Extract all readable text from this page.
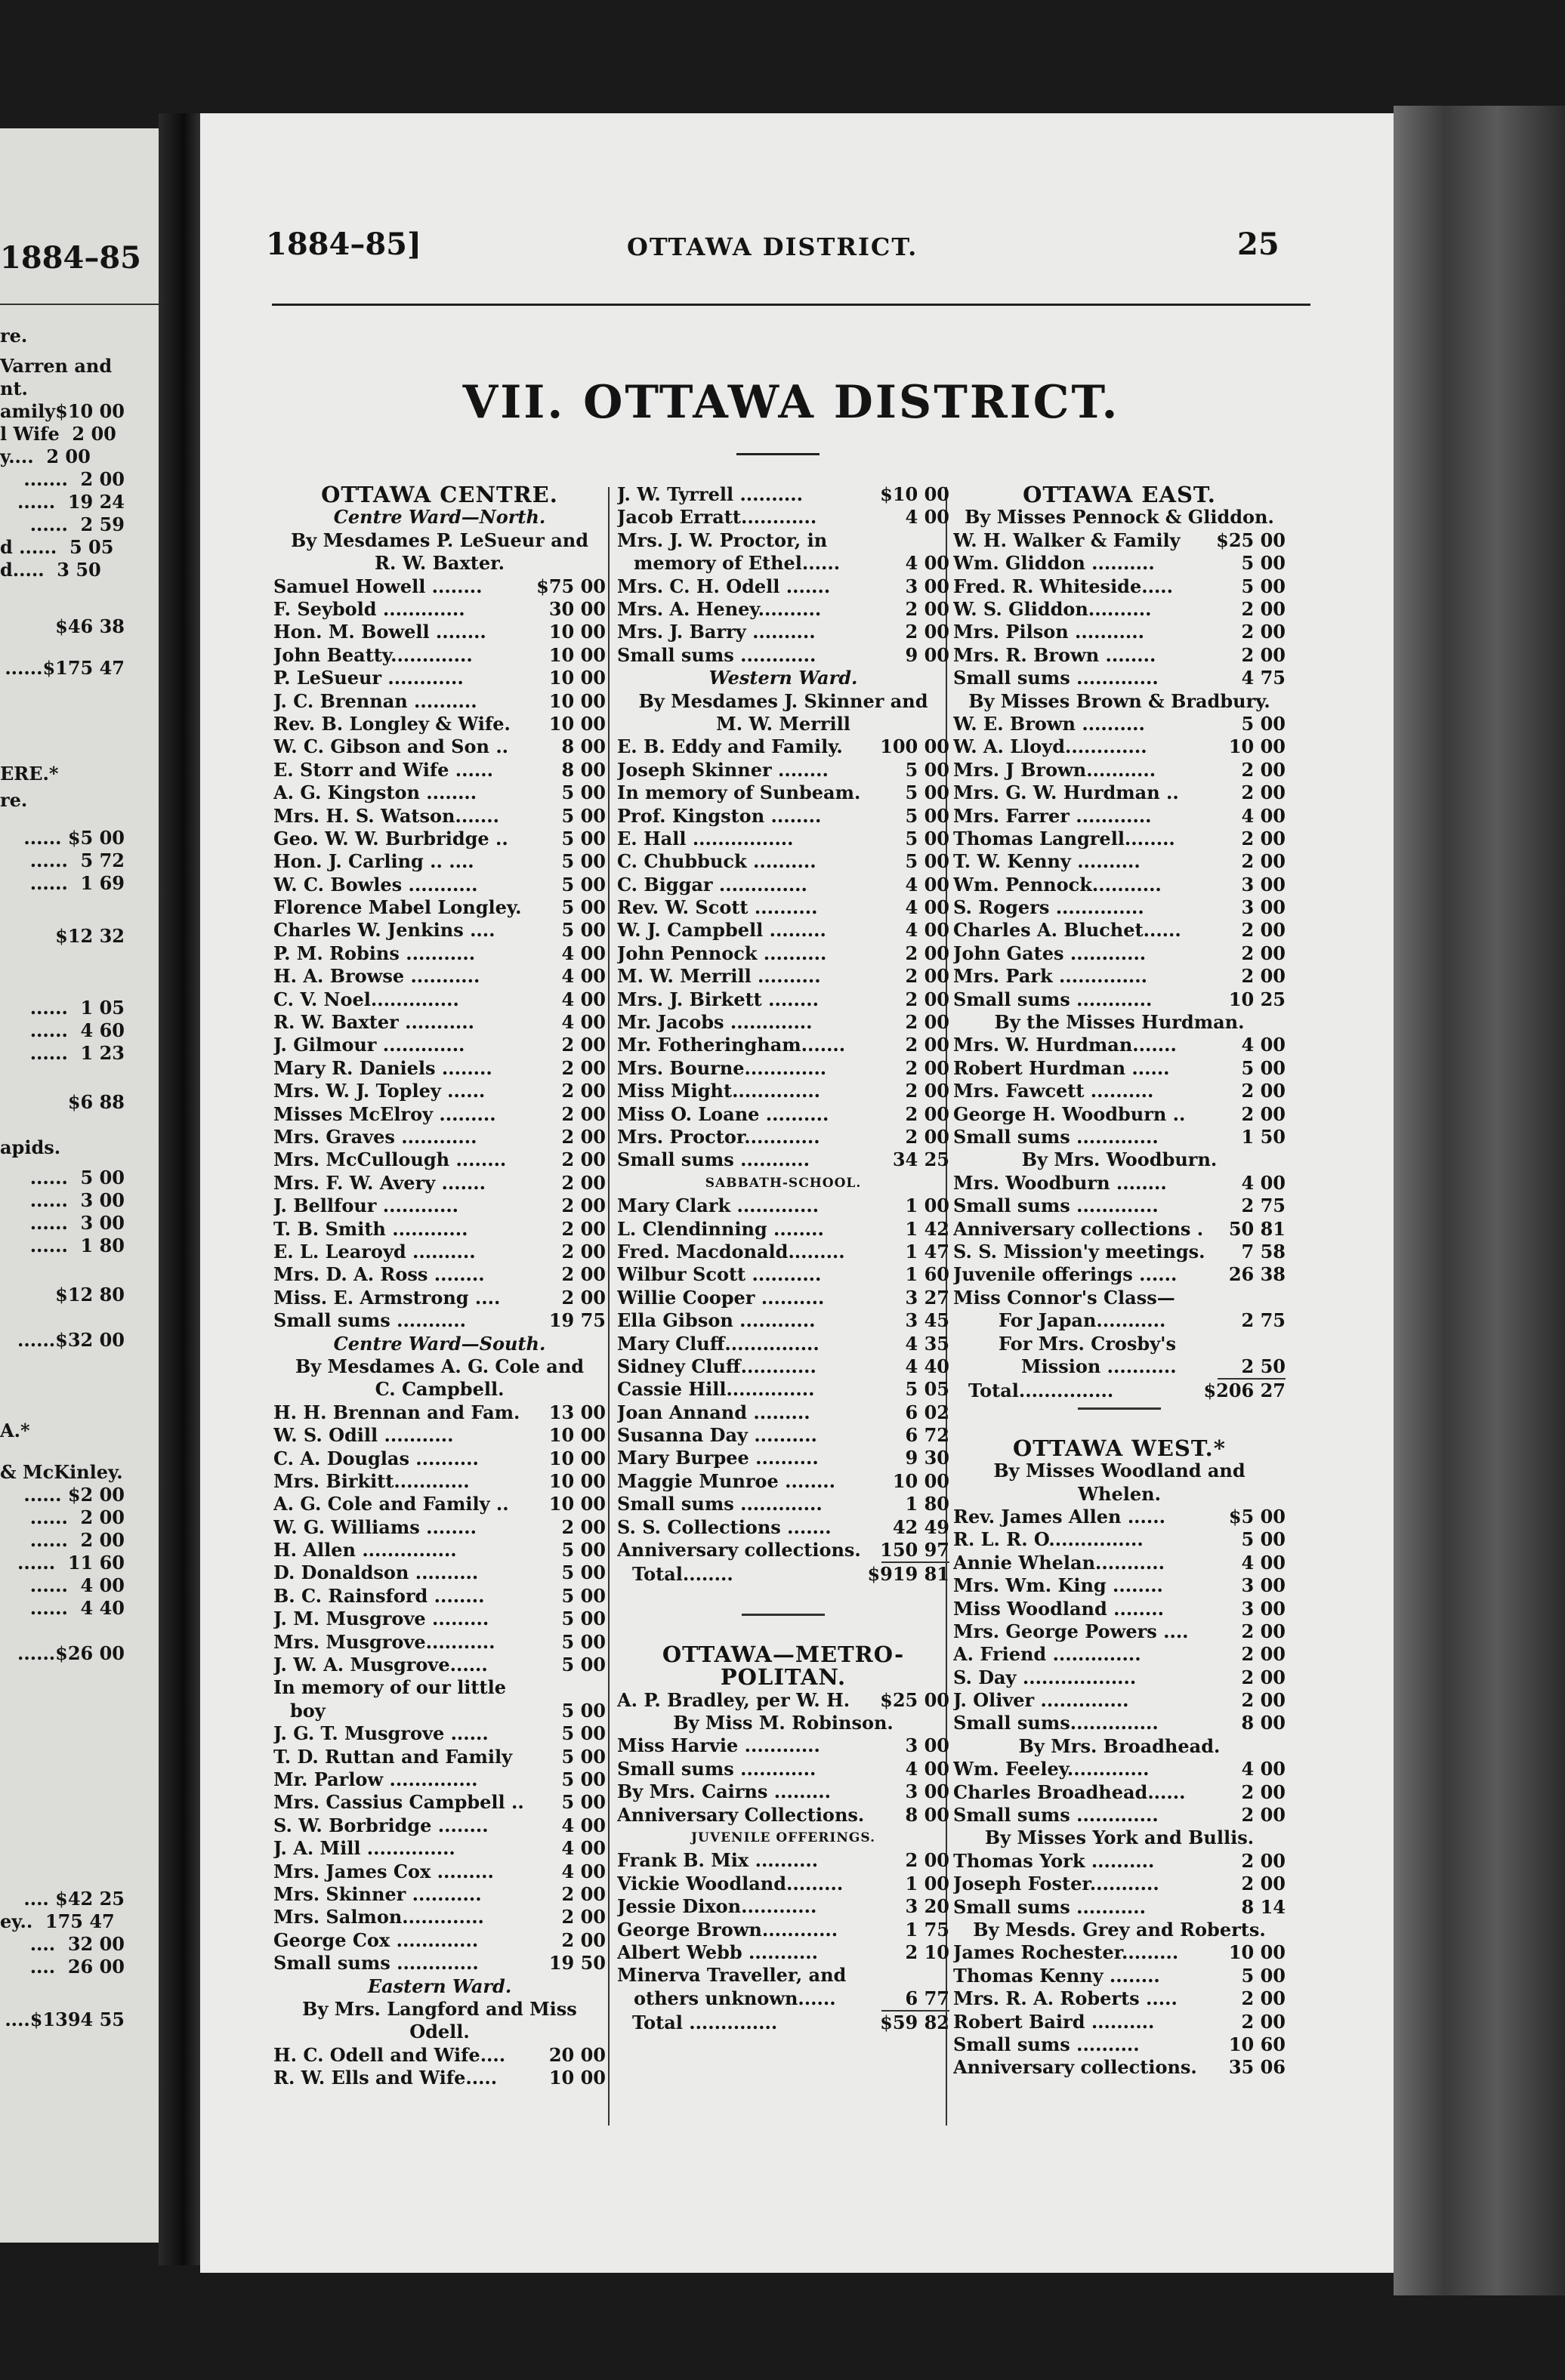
1884–85
re.
Varren and
nt.
amily$10 00
l Wife  2 00
y....  2 00
.......  2 00
......  19 24
......  2 59
d ......  5 05
d.....  3 50
$46 38
......$175 47
ERE.*
re.
...... $5 00
......  5 72
......  1 69
$12 32
......  1 05
......  4 60
......  1 23
$6 88
apids.
......  5 00
......  3 00
......  3 00
......  1 80
$12 80
......$32 00
A.*
& McKinley.
...... $2 00
......  2 00
......  2 00
......  11 60
......  4 00
......  4 40
......$26 00
.... $42 25
ey..  175 47
....  32 00
....  26 00
....$1394 55
1884–85]	OTTAWA DISTRICT.	25
VII. OTTAWA DISTRICT.
OTTAWA CENTRE.
Centre Ward—North.
By Mesdames P. LeSueur and
R. W. Baxter.
Samuel Howell ........	$75 00
F. Seybold .............	30 00
Hon. M. Bowell ........	10 00
John Beatty.............	10 00
P. LeSueur ............	10 00
J. C. Brennan ..........	10 00
Rev. B. Longley & Wife.	10 00
W. C. Gibson and Son ..	8 00
E. Storr and Wife ......	8 00
A. G. Kingston ........	5 00
Mrs. H. S. Watson.......	5 00
Geo. W. W. Burbridge ..	5 00
Hon. J. Carling .. ....	5 00
W. C. Bowles ...........	5 00
Florence Mabel Longley.	5 00
Charles W. Jenkins ....	5 00
P. M. Robins ...........	4 00
H. A. Browse ...........	4 00
C. V. Noel..............	4 00
R. W. Baxter ...........	4 00
J. Gilmour .............	2 00
Mary R. Daniels ........	2 00
Mrs. W. J. Topley ......	2 00
Misses McElroy .........	2 00
Mrs. Graves ............	2 00
Mrs. McCullough ........	2 00
Mrs. F. W. Avery .......	2 00
J. Bellfour ............	2 00
T. B. Smith ............	2 00
E. L. Learoyd ..........	2 00
Mrs. D. A. Ross ........	2 00
Miss. E. Armstrong ....	2 00
Small sums ...........	19 75
Centre Ward—South.
By Mesdames A. G. Cole and
C. Campbell.
H. H. Brennan and Fam.	13 00
W. S. Odill ...........	10 00
C. A. Douglas ..........	10 00
Mrs. Birkitt............	10 00
A. G. Cole and Family ..	10 00
W. G. Williams ........	2 00
H. Allen ...............	5 00
D. Donaldson ..........	5 00
B. C. Rainsford ........	5 00
J. M. Musgrove .........	5 00
Mrs. Musgrove...........	5 00
J. W. A. Musgrove......	5 00
In memory of our little
boy	5 00
J. G. T. Musgrove ......	5 00
T. D. Ruttan and Family	5 00
Mr. Parlow ..............	5 00
Mrs. Cassius Campbell ..	5 00
S. W. Borbridge ........	4 00
J. A. Mill ..............	4 00
Mrs. James Cox .........	4 00
Mrs. Skinner ...........	2 00
Mrs. Salmon.............	2 00
George Cox .............	2 00
Small sums .............	19 50
Eastern Ward.
By Mrs. Langford and Miss
Odell.
H. C. Odell and Wife....	20 00
R. W. Ells and Wife.....	10 00
J. W. Tyrrell ..........	$10 00
Jacob Erratt............	4 00
Mrs. J. W. Proctor, in
memory of Ethel......	4 00
Mrs. C. H. Odell .......	3 00
Mrs. A. Heney..........	2 00
Mrs. J. Barry ..........	2 00
Small sums ............	9 00
Western Ward.
By Mesdames J. Skinner and
M. W. Merrill
E. B. Eddy and Family.	100 00
Joseph Skinner ........	5 00
In memory of Sunbeam.	5 00
Prof. Kingston ........	5 00
E. Hall ................	5 00
C. Chubbuck ..........	5 00
C. Biggar ..............	4 00
Rev. W. Scott ..........	4 00
W. J. Campbell .........	4 00
John Pennock ..........	2 00
M. W. Merrill ..........	2 00
Mrs. J. Birkett ........	2 00
Mr. Jacobs .............	2 00
Mr. Fotheringham.......	2 00
Mrs. Bourne.............	2 00
Miss Might..............	2 00
Miss O. Loane ..........	2 00
Mrs. Proctor............	2 00
Small sums ...........	34 25
SABBATH-SCHOOL.
Mary Clark .............	1 00
L. Clendinning ........	1 42
Fred. Macdonald.........	1 47
Wilbur Scott ...........	1 60
Willie Cooper ..........	3 27
Ella Gibson ............	3 45
Mary Cluff...............	4 35
Sidney Cluff............	4 40
Cassie Hill..............	5 05
Joan Annand .........	6 02
Susanna Day ..........	6 72
Mary Burpee ..........	9 30
Maggie Munroe ........	10 00
Small sums .............	1 80
S. S. Collections .......	42 49
Anniversary collections.	150 97
Total........	$919 81
OTTAWA—METRO-
POLITAN.
A. P. Bradley, per W. H.	$25 00
By Miss M. Robinson.
Miss Harvie ............	3 00
Small sums ............	4 00
By Mrs. Cairns .........	3 00
Anniversary Collections.	8 00
JUVENILE OFFERINGS.
Frank B. Mix ..........	2 00
Vickie Woodland.........	1 00
Jessie Dixon............	3 20
George Brown............	1 75
Albert Webb ...........	2 10
Minerva Traveller, and
others unknown......	6 77
Total ..............	$59 82
OTTAWA EAST.
By Misses Pennock & Gliddon.
W. H. Walker & Family	$25 00
Wm. Gliddon ..........	5 00
Fred. R. Whiteside.....	5 00
W. S. Gliddon..........	2 00
Mrs. Pilson ...........	2 00
Mrs. R. Brown ........	2 00
Small sums .............	4 75
By Misses Brown & Bradbury.
W. E. Brown ..........	5 00
W. A. Lloyd.............	10 00
Mrs. J Brown...........	2 00
Mrs. G. W. Hurdman ..	2 00
Mrs. Farrer ............	4 00
Thomas Langrell........	2 00
T. W. Kenny ..........	2 00
Wm. Pennock...........	3 00
S. Rogers ..............	3 00
Charles A. Bluchet......	2 00
John Gates ............	2 00
Mrs. Park ..............	2 00
Small sums ............	10 25
By the Misses Hurdman.
Mrs. W. Hurdman.......	4 00
Robert Hurdman ......	5 00
Mrs. Fawcett ..........	2 00
George H. Woodburn ..	2 00
Small sums .............	1 50
By Mrs. Woodburn.
Mrs. Woodburn ........	4 00
Small sums .............	2 75
Anniversary collections .	50 81
S. S. Mission'y meetings.	7 58
Juvenile offerings ......	26 38
Miss Connor's Class—
For Japan...........	2 75
For Mrs. Crosby's
Mission ...........	2 50
Total...............	$206 27
OTTAWA WEST.*
By Misses Woodland and
Whelen.
Rev. James Allen ......	$5 00
R. L. R. O...............	5 00
Annie Whelan...........	4 00
Mrs. Wm. King ........	3 00
Miss Woodland ........	3 00
Mrs. George Powers ....	2 00
A. Friend ..............	2 00
S. Day ..................	2 00
J. Oliver ..............	2 00
Small sums..............	8 00
By Mrs. Broadhead.
Wm. Feeley.............	4 00
Charles Broadhead......	2 00
Small sums .............	2 00
By Misses York and Bullis.
Thomas York ..........	2 00
Joseph Foster...........	2 00
Small sums ...........	8 14
By Mesds. Grey and Roberts.
James Rochester.........	10 00
Thomas Kenny ........	5 00
Mrs. R. A. Roberts .....	2 00
Robert Baird ..........	2 00
Small sums ..........	10 60
Anniversary collections.	35 06
